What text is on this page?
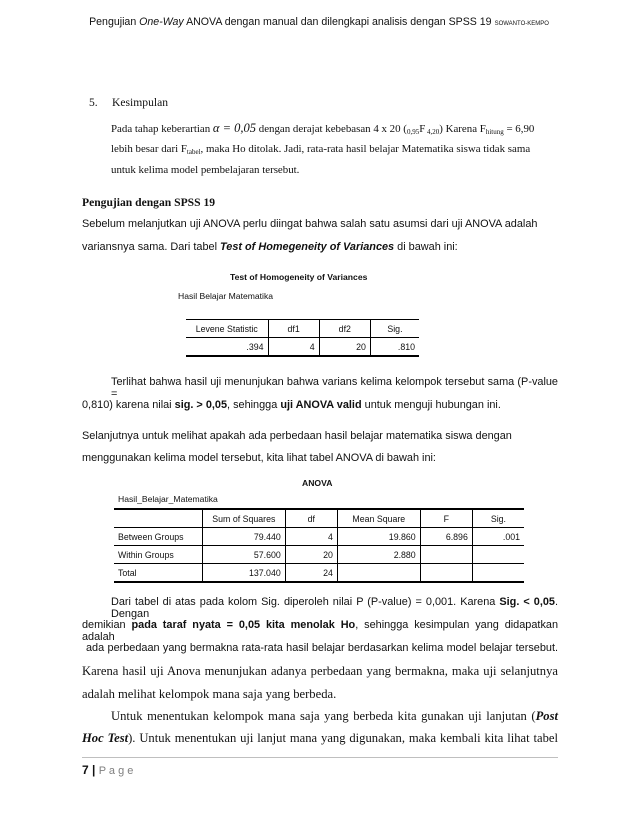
Pengujian One-Way ANOVA dengan manual dan dilengkapi analisis dengan SPSS 19 SOWANTO-KEMPO
5. Kesimpulan
Pada tahap keberartian α = 0,05 dengan derajat kebebasan 4 x 20 ($_{0,95}F$ $_{4,20}$) Karena $F_{hitung} = 6,90$
lebih besar dari $F_{tabel}$, maka Ho ditolak. Jadi, rata-rata hasil belajar Matematika siswa tidak sama
untuk kelima model pembelajaran tersebut.
Pengujian dengan SPSS 19
Sebelum melanjutkan uji ANOVA perlu diingat bahwa salah satu asumsi dari uji ANOVA adalah
variansnya sama. Dari tabel Test of Homegeneity of Variances di bawah ini:
Test of Homogeneity of Variances
Hasil Belajar Matematika
Levene Statistic	df1	df2	Sig.
.394	4	20	.810
Terlihat bahwa hasil uji menunjukan bahwa varians kelima kelompok tersebut sama (P-value =
0,810) karena nilai sig. > 0,05, sehingga uji ANOVA valid untuk menguji hubungan ini.
Selanjutnya untuk melihat apakah ada perbedaan hasil belajar matematika siswa dengan
menggunakan kelima model tersebut, kita lihat tabel ANOVA di bawah ini:
ANOVA
Hasil_Belajar_Matematika
	Sum of Squares	df	Mean Square	F	Sig.
Between Groups	79.440	4	19.860	6.896	.001
Within Groups	57.600	20	2.880		
Total	137.040	24			
Dari tabel di atas pada kolom Sig. diperoleh nilai P (P-value) = 0,001. Karena Sig. < 0,05. Dengan
demikian pada taraf nyata = 0,05 kita menolak Ho, sehingga kesimpulan yang didapatkan adalah
ada perbedaan yang bermakna rata-rata hasil belajar berdasarkan kelima model belajar tersebut.
Karena hasil uji Anova menunjukan adanya perbedaan yang bermakna, maka uji selanjutnya
adalah melihat kelompok mana saja yang berbeda.
Untuk menentukan kelompok mana saja yang berbeda kita gunakan uji lanjutan (Post
Hoc Test). Untuk menentukan uji lanjut mana yang digunakan, maka kembali kita lihat tabel
7 | P a g e
